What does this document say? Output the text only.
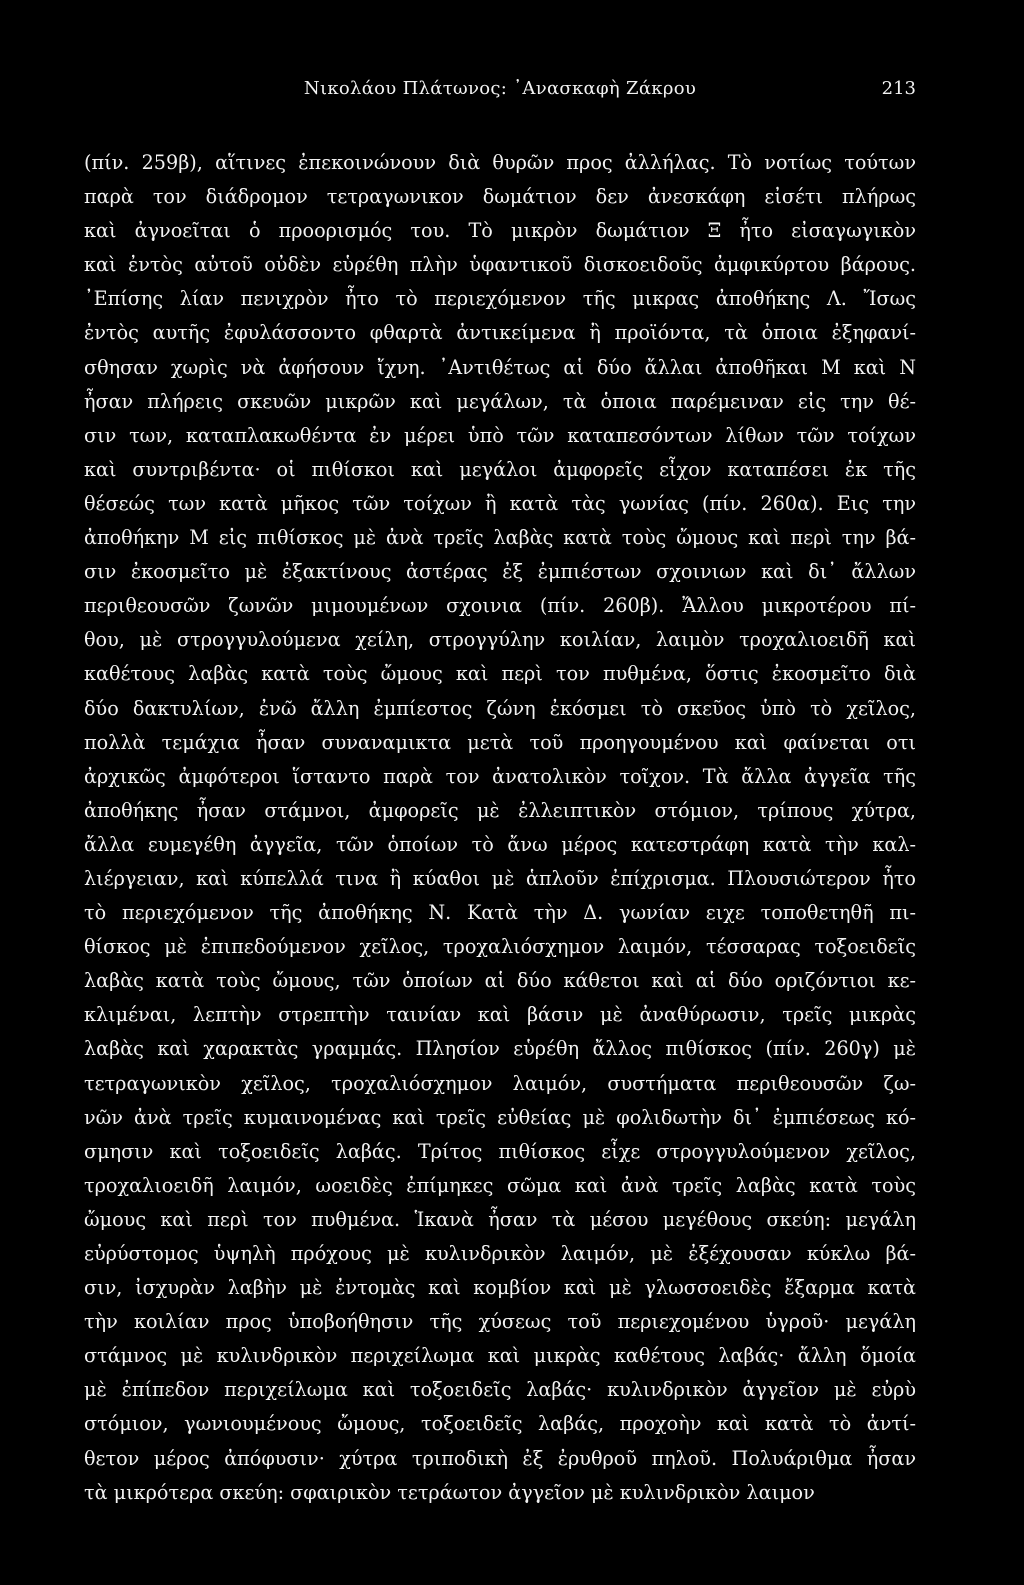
Νικολάου Πλάτωνος: ᾿Ανασκαφὴ Ζάκρου	213
(πίν. 259β), αἵτινες ἐπεκοινώνουν διὰ θυρῶν προς ἀλλήλας. Τὸ νοτίως τούτων
παρὰ τον διάδρομον τετραγωνικον δωμάτιον δεν ἀνεσκάφη εἰσέτι πλήρως
καὶ ἀγνοεῖται ὁ προορισμός του. Τὸ μικρὸν δωμάτιον Ξ ἦτο εἰσαγωγικὸν
καὶ ἐντὸς αὐτοῦ οὐδὲν εὑρέθη πλὴν ὑφαντικοῦ δισκοειδοῦς ἀμφικύρτου βάρους.
᾿Επίσης λίαν πενιχρὸν ἦτο τὸ περιεχόμενον τῆς μικρας ἀποθήκης Λ. Ἴσως
ἐντὸς αυτῆς ἐφυλάσσοντο φθαρτὰ ἀντικείμενα ἢ προϊόντα, τὰ ὁποια ἐξηφανί-
σθησαν χωρὶς νὰ ἀφήσουν ἴχνη. ᾿Αντιθέτως αἱ δύο ἄλλαι ἀποθῆκαι Μ καὶ Ν
ἦσαν πλήρεις σκευῶν μικρῶν καὶ μεγάλων, τὰ ὁποια παρέμειναν εἰς την θέ-
σιν των, καταπλακωθέντα ἐν μέρει ὑπὸ τῶν καταπεσόντων λίθων τῶν τοίχων
καὶ συντριβέντα· οἱ πιθίσκοι καὶ μεγάλοι ἀμφορεῖς εἶχον καταπέσει ἐκ τῆς
θέσεώς των κατὰ μῆκος τῶν τοίχων ἢ κατὰ τὰς γωνίας (πίν. 260α). Εις την
ἀποθήκην Μ εἰς πιθίσκος μὲ ἀνὰ τρεῖς λαβὰς κατὰ τοὺς ὤμους καὶ περὶ την βά-
σιν ἐκοσμεῖτο μὲ ἐξακτίνους ἀστέρας ἐξ ἐμπιέστων σχοινιων καὶ δι᾿ ἄλλων
περιθεουσῶν ζωνῶν μιμουμένων σχοινια (πίν. 260β). Ἄλλου μικροτέρου πί-
θου, μὲ στρογγυλούμενα χείλη, στρογγύλην κοιλίαν, λαιμὸν τροχαλιοειδῆ καὶ
καθέτους λαβὰς κατὰ τοὺς ὤμους καὶ περὶ τον πυθμένα, ὅστις ἐκοσμεῖτο διὰ
δύο δακτυλίων, ἐνῶ ἄλλη ἐμπίεστος ζώνη ἐκόσμει τὸ σκεῦος ὑπὸ τὸ χεῖλος,
πολλὰ τεμάχια ἦσαν συναναμικτα μετὰ τοῦ προηγουμένου καὶ φαίνεται οτι
ἀρχικῶς ἀμφότεροι ἵσταντο παρὰ τον ἀνατολικὸν τοῖχον. Τὰ ἄλλα ἀγγεῖα τῆς
ἀποθήκης ἦσαν στάμνοι, ἀμφορεῖς μὲ ἐλλειπτικὸν στόμιον, τρίπους χύτρα,
ἄλλα ευμεγέθη ἀγγεῖα, τῶν ὁποίων τὸ ἄνω μέρος κατεστράφη κατὰ τὴν καλ-
λιέργειαν, καὶ κύπελλά τινα ἢ κύαθοι μὲ ἁπλοῦν ἐπίχρισμα. Πλουσιώτερον ἦτο
τὸ περιεχόμενον τῆς ἀποθήκης Ν. Κατὰ τὴν Δ. γωνίαν ειχε τοποθετηθῆ πι-
θίσκος μὲ ἐπιπεδούμενον χεῖλος, τροχαλιόσχημον λαιμόν, τέσσαρας τοξοειδεῖς
λαβὰς κατὰ τοὺς ὤμους, τῶν ὁποίων αἱ δύο κάθετοι καὶ αἱ δύο οριζόντιοι κε-
κλιμέναι, λεπτὴν στρεπτὴν ταινίαν καὶ βάσιν μὲ ἀναθύρωσιν, τρεῖς μικρὰς
λαβὰς καὶ χαρακτὰς γραμμάς. Πλησίον εὑρέθη ἄλλος πιθίσκος (πίν. 260γ) μὲ
τετραγωνικὸν χεῖλος, τροχαλιόσχημον λαιμόν, συστήματα περιθεουσῶν ζω-
νῶν ἀνὰ τρεῖς κυμαινομένας καὶ τρεῖς εὐθείας μὲ φολιδωτὴν δι᾿ ἐμπιέσεως κό-
σμησιν καὶ τοξοειδεῖς λαβάς. Τρίτος πιθίσκος εἶχε στρογγυλούμενον χεῖλος,
τροχαλιοειδῆ λαιμόν, ωοειδὲς ἐπίμηκες σῶμα καὶ ἀνὰ τρεῖς λαβὰς κατὰ τοὺς
ὤμους καὶ περὶ τον πυθμένα. Ἱκανὰ ἦσαν τὰ μέσου μεγέθους σκεύη: μεγάλη
εὐρύστομος ὑψηλὴ πρόχους μὲ κυλινδρικὸν λαιμόν, μὲ ἐξέχουσαν κύκλω βά-
σιν, ἰσχυρὰν λαβὴν μὲ ἐντομὰς καὶ κομβίον καὶ μὲ γλωσσοειδὲς ἔξαρμα κατὰ
τὴν κοιλίαν προς ὑποβοήθησιν τῆς χύσεως τοῦ περιεχομένου ὑγροῦ· μεγάλη
στάμνος μὲ κυλινδρικὸν περιχείλωμα καὶ μικρὰς καθέτους λαβάς· ἄλλη ὅμοία
μὲ ἐπίπεδον περιχείλωμα καὶ τοξοειδεῖς λαβάς· κυλινδρικὸν ἀγγεῖον μὲ εὐρὺ
στόμιον, γωνιουμένους ὤμους, τοξοειδεῖς λαβάς, προχοὴν καὶ κατὰ τὸ ἀντί-
θετον μέρος ἀπόφυσιν· χύτρα τριποδικὴ ἐξ ἐρυθροῦ πηλοῦ. Πολυάριθμα ἦσαν
τὰ μικρότερα σκεύη: σφαιρικὸν τετράωτον ἀγγεῖον μὲ κυλινδρικὸν λαιμον
